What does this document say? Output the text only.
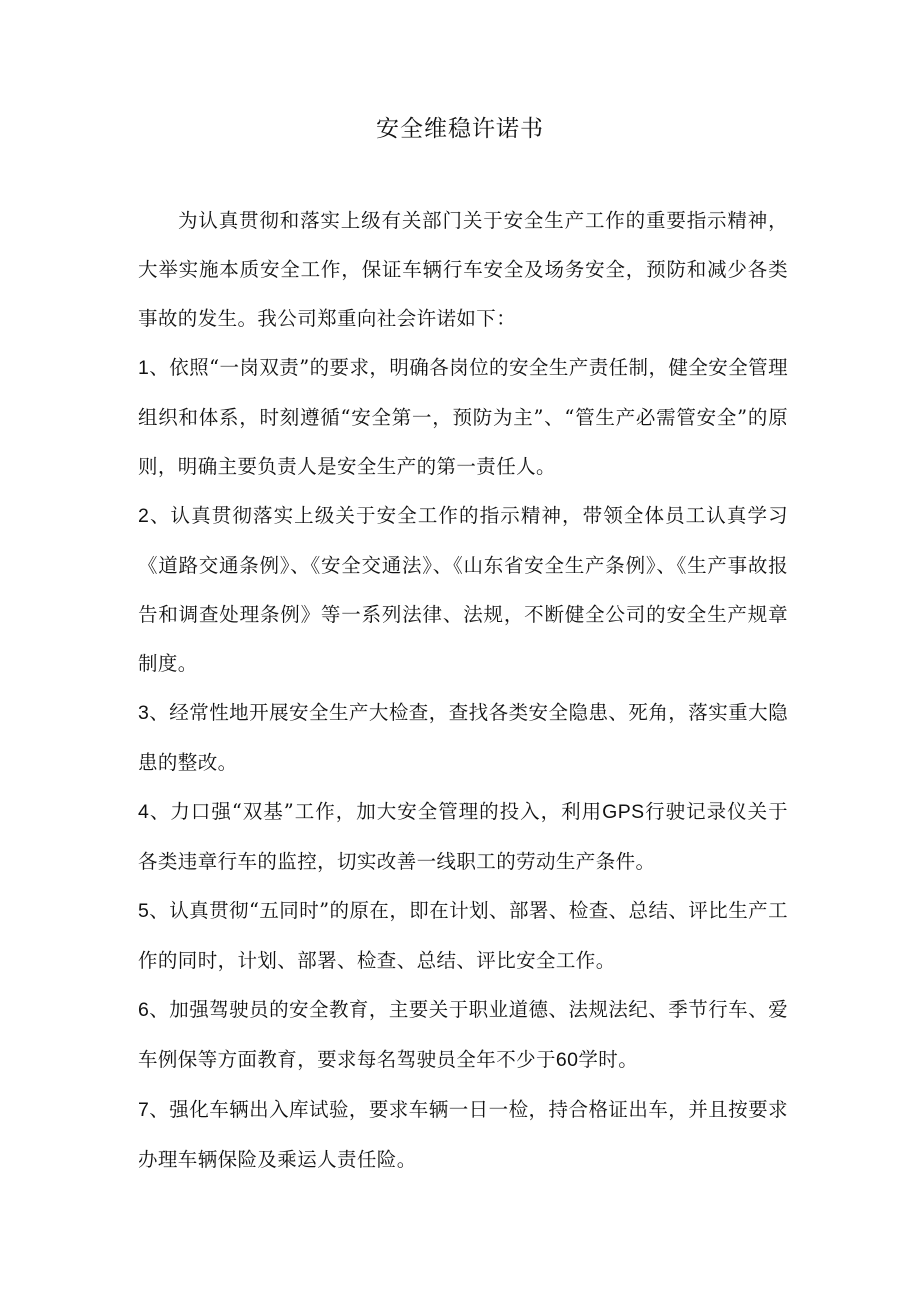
安全维稳许诺书

为认真贯彻和落实上级有关部门关于安全生产工作的重要指示精神，大举实施本质安全工作，保证车辆行车安全及场务安全，预防和减少各类事故的发生。我公司郑重向社会许诺如下：

1、依照“一岗双责”的要求，明确各岗位的安全生产责任制，健全安全管理组织和体系，时刻遵循“安全第一，预防为主”、“管生产必需管安全”的原则，明确主要负责人是安全生产的第一责任人。

2、认真贯彻落实上级关于安全工作的指示精神，带领全体员工认真学习《道路交通条例》、《安全交通法》、《山东省安全生产条例》、《生产事故报告和调查处理条例》等一系列法律、法规，不断健全公司的安全生产规章制度。

3、经常性地开展安全生产大检查，查找各类安全隐患、死角，落实重大隐患的整改。

4、力口强“双基”工作，加大安全管理的投入，利用GPS行驶记录仪关于各类违章行车的监控，切实改善一线职工的劳动生产条件。

5、认真贯彻“五同时”的原在，即在计划、部署、检查、总结、评比生产工作的同时，计划、部署、检查、总结、评比安全工作。

6、加强驾驶员的安全教育，主要关于职业道德、法规法纪、季节行车、爱车例保等方面教育，要求每名驾驶员全年不少于60学时。

7、强化车辆出入库试验，要求车辆一日一检，持合格证出车，并且按要求办理车辆保险及乘运人责任险。
